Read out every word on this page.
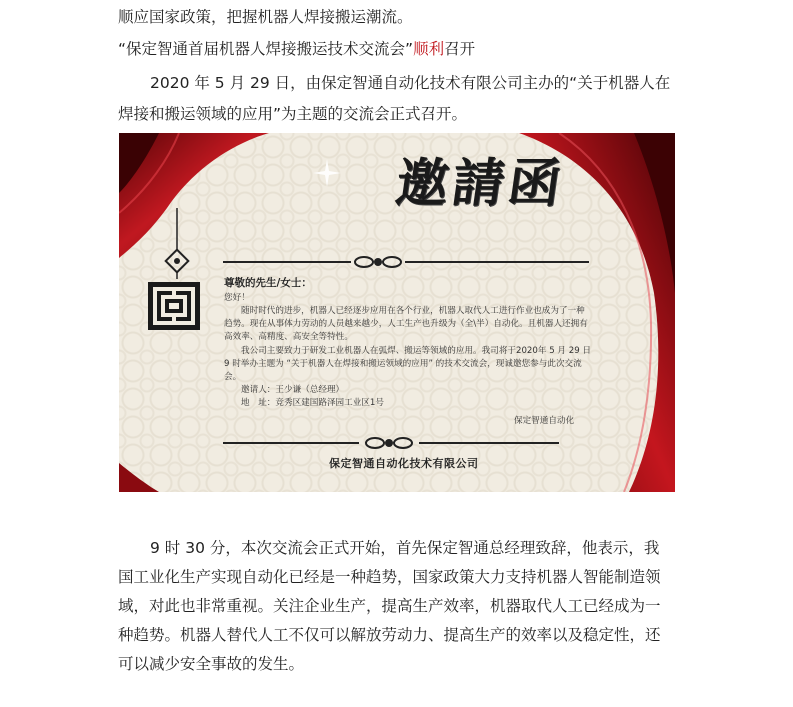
顺应国家政策，把握机器人焊接搬运潮流。
“保定智通首届机器人焊接搬运技术交流会”顺利召开
2020 年 5 月 29 日，由保定智通自动化技术有限公司主办的“关于机器人在
焊接和搬运领域的应用”为主题的交流会正式召开。
邀請函
尊敬的先生/女士：
您好！
随时时代的进步，机器人已经逐步应用在各个行业，机器人取代人工进行作业也成为了一种
趋势。现在从事体力劳动的人员越来越少，人工生产也升级为（全\半）自动化。且机器人还拥有
高效率、高精度、高安全等特性。
我公司主要致力于研发工业机器人在弧焊、搬运等领域的应用。我司将于2020年 5 月 29 日
9 时举办主题为 “关于机器人在焊接和搬运领域的应用” 的技术交流会，现诚邀您参与此次交流
会。
邀请人：王少谦（总经理）
地　址：竞秀区建国路泽园工业区1号
保定智通自动化
保定智通自动化技术有限公司

9 时 30 分，本次交流会正式开始，首先保定智通总经理致辞，他表示，我

国工业化生产实现自动化已经是一种趋势，国家政策大力支持机器人智能制造领

域，对此也非常重视。关注企业生产，提高生产效率，机器取代人工已经成为一

种趋势。机器人替代人工不仅可以解放劳动力、提高生产的效率以及稳定性，还

可以减少安全事故的发生。
